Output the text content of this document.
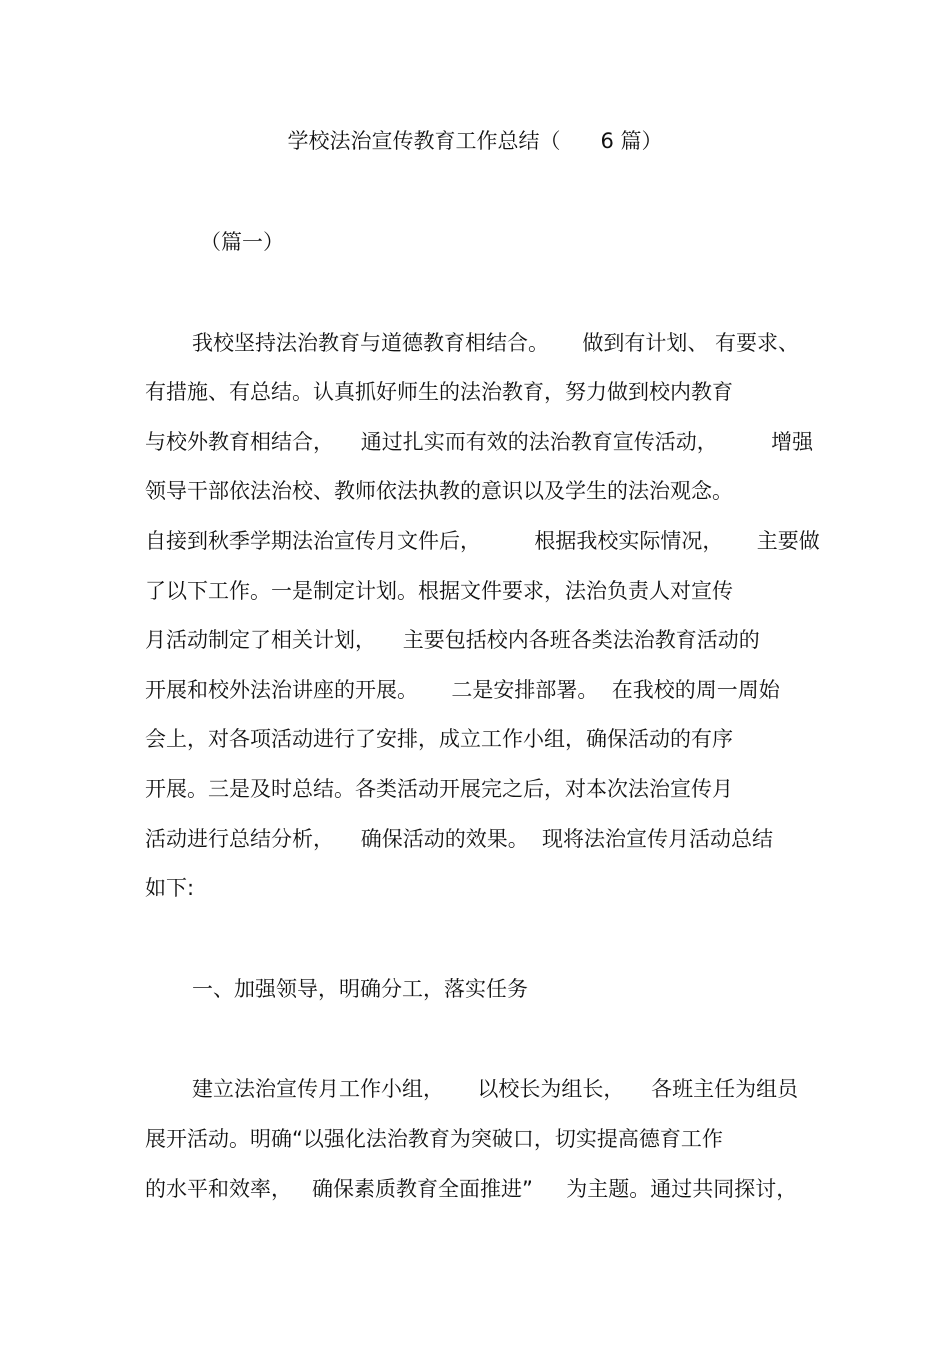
学校法治宣传教育工作总结（      6 篇）
（篇一）
我校坚持法治教育与道德教育相结合。     做到有计划、 有要求、
有措施、有总结。认真抓好师生的法治教育，努力做到校内教育
与校外教育相结合，    通过扎实而有效的法治教育宣传活动，        增强
领导干部依法治校、教师依法执教的意识以及学生的法治观念。
自接到秋季学期法治宣传月文件后，        根据我校实际情况，     主要做
了以下工作。一是制定计划。根据文件要求，法治负责人对宣传
月活动制定了相关计划，    主要包括校内各班各类法治教育活动的
开展和校外法治讲座的开展。     二是安排部署。  在我校的周一周始
会上，对各项活动进行了安排，成立工作小组，确保活动的有序
开展。三是及时总结。各类活动开展完之后，对本次法治宣传月
活动进行总结分析，    确保活动的效果。  现将法治宣传月活动总结
如下:
一、加强领导，明确分工，落实任务
建立法治宣传月工作小组，     以校长为组长，    各班主任为组员
展开活动。明确“以强化法治教育为突破口，切实提高德育工作
的水平和效率，   确保素质教育全面推进”     为主题。通过共同探讨，
